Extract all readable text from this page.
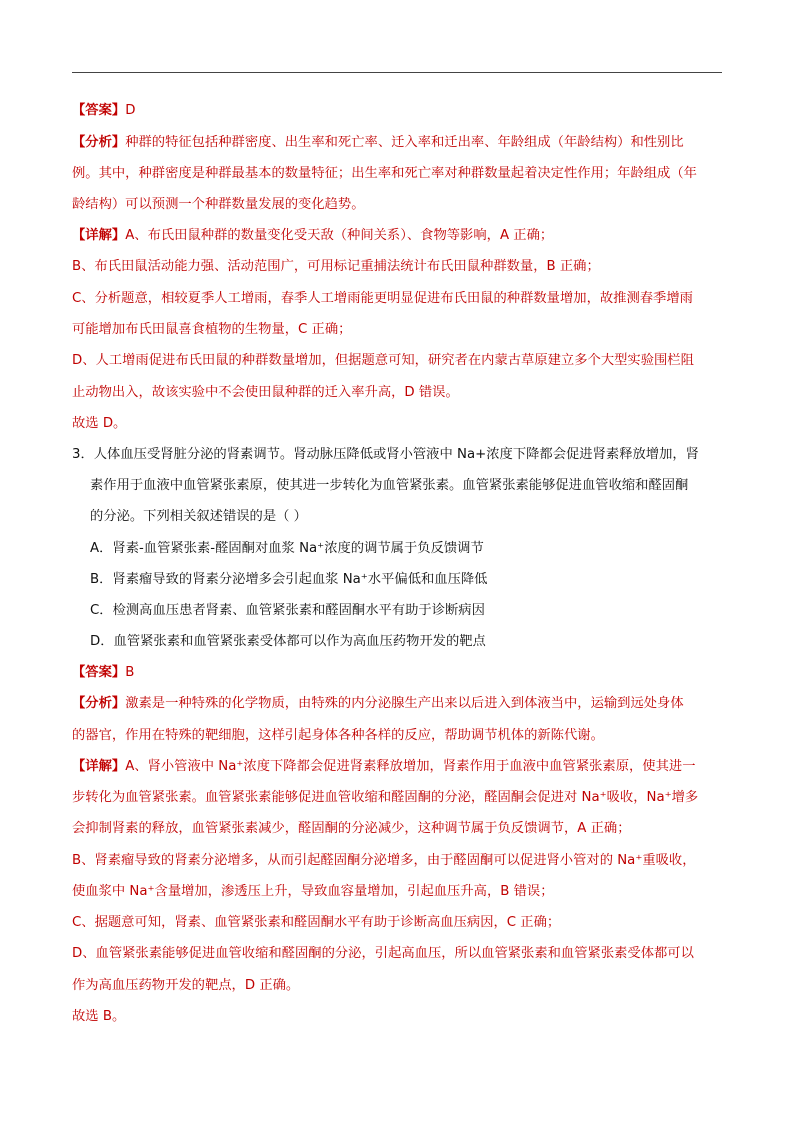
【答案】D
【分析】种群的特征包括种群密度、出生率和死亡率、迁入率和迁出率、年龄组成（年龄结构）和性别比
例。其中，种群密度是种群最基本的数量特征；出生率和死亡率对种群数量起着决定性作用；年龄组成（年
龄结构）可以预测一个种群数量发展的变化趋势。
【详解】A、布氏田鼠种群的数量变化受天敌（种间关系）、食物等影响，A 正确；
B、布氏田鼠活动能力强、活动范围广，可用标记重捕法统计布氏田鼠种群数量，B 正确；
C、分析题意，相较夏季人工增雨，春季人工增雨能更明显促进布氏田鼠的种群数量增加，故推测春季增雨
可能增加布氏田鼠喜食植物的生物量，C 正确；
D、人工增雨促进布氏田鼠的种群数量增加，但据题意可知，研究者在内蒙古草原建立多个大型实验围栏阻
止动物出入，故该实验中不会使田鼠种群的迁入率升高，D 错误。
故选 D。
3．人体血压受肾脏分泌的肾素调节。肾动脉压降低或肾小管液中 Na+浓度下降都会促进肾素释放增加，肾
素作用于血液中血管紧张素原，使其进一步转化为血管紧张素。血管紧张素能够促进血管收缩和醛固酮
的分泌。下列相关叙述错误的是（ ）
A．肾素-血管紧张素-醛固酮对血浆 Na⁺浓度的调节属于负反馈调节
B．肾素瘤导致的肾素分泌增多会引起血浆 Na⁺水平偏低和血压降低
C．检测高血压患者肾素、血管紧张素和醛固酮水平有助于诊断病因
D．血管紧张素和血管紧张素受体都可以作为高血压药物开发的靶点
【答案】B
【分析】激素是一种特殊的化学物质，由特殊的内分泌腺生产出来以后进入到体液当中，运输到远处身体
的器官，作用在特殊的靶细胞，这样引起身体各种各样的反应，帮助调节机体的新陈代谢。
【详解】A、肾小管液中 Na⁺浓度下降都会促进肾素释放增加，肾素作用于血液中血管紧张素原，使其进一
步转化为血管紧张素。血管紧张素能够促进血管收缩和醛固酮的分泌，醛固酮会促进对 Na⁺吸收，Na⁺增多
会抑制肾素的释放，血管紧张素减少，醛固酮的分泌减少，这种调节属于负反馈调节，A 正确；
B、肾素瘤导致的肾素分泌增多，从而引起醛固酮分泌增多，由于醛固酮可以促进肾小管对的 Na⁺重吸收，
使血浆中 Na⁺含量增加，渗透压上升，导致血容量增加，引起血压升高，B 错误；
C、据题意可知，肾素、血管紧张素和醛固酮水平有助于诊断高血压病因，C 正确；
D、血管紧张素能够促进血管收缩和醛固酮的分泌，引起高血压，所以血管紧张素和血管紧张素受体都可以
作为高血压药物开发的靶点，D 正确。
故选 B。
